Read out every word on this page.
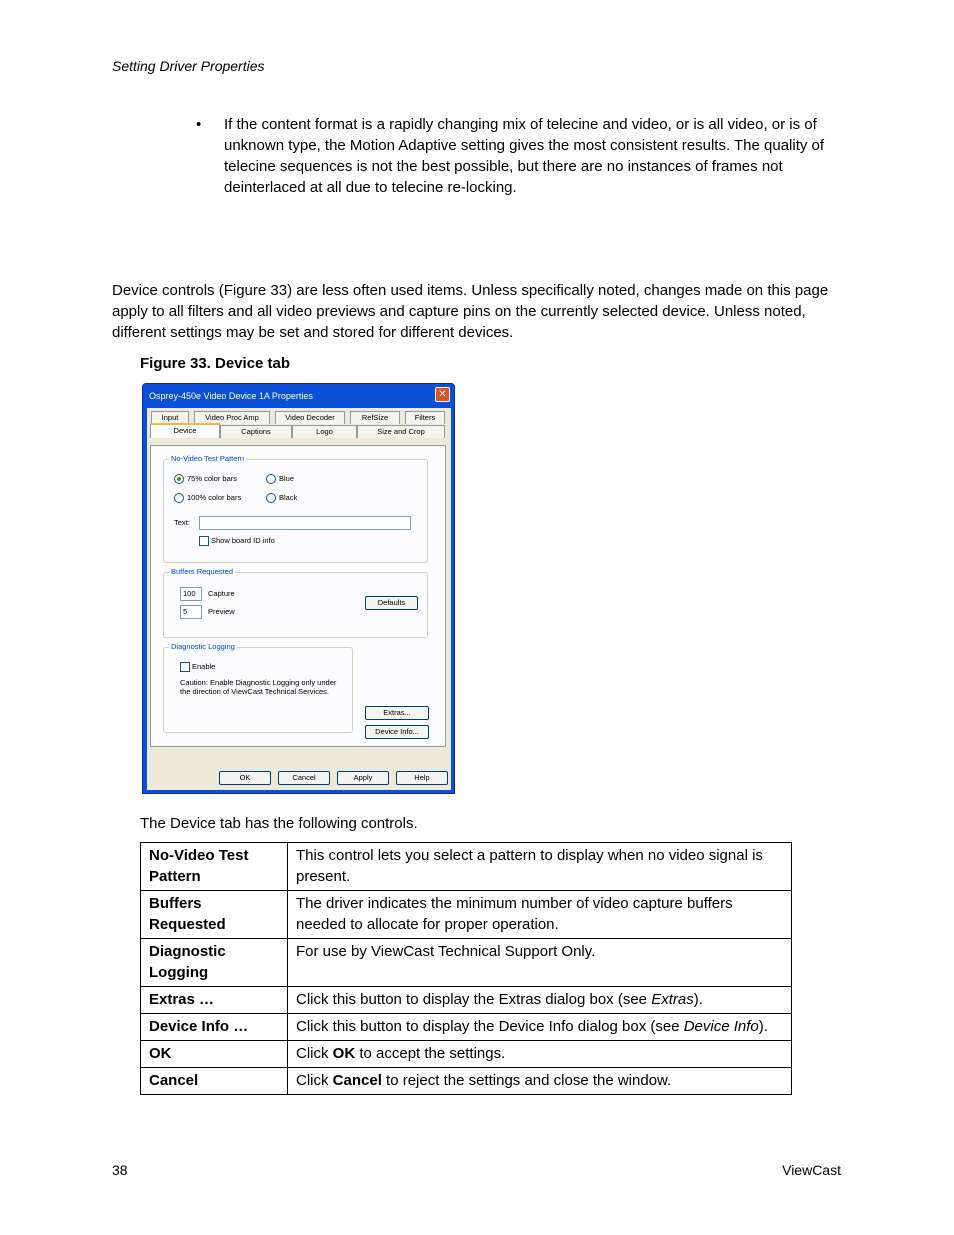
Setting Driver Properties
• If the content format is a rapidly changing mix of telecine and video, or is all video, or is of unknown type, the Motion Adaptive setting gives the most consistent results. The quality of telecine sequences is not the best possible, but there are no instances of frames not deinterlaced at all due to telecine re-locking.
Device controls (Figure 33) are less often used items. Unless specifically noted, changes made on this page apply to all filters and all video previews and capture pins on the currently selected device. Unless noted, different settings may be set and stored for different devices.
Figure 33. Device tab
Osprey-450e Video Device 1A Properties	✕
Input	Video Proc Amp	Video Decoder	RefSize	Filters
Device	Captions	Logo	Size and Crop
No-Video Test Pattern
75% color bars	Blue
100% color bars	Black
Text:
Show board ID info
Buffers Requested
100	Capture
5	Preview
Defaults
Diagnostic Logging
Enable
Caution: Enable Diagnostic Logging only under the direction of ViewCast Technical Services.
Extras...
Device Info...
OK	Cancel	Apply	Help
The Device tab has the following controls.
No-Video Test Pattern	This control lets you select a pattern to display when no video signal is present.
Buffers Requested	The driver indicates the minimum number of video capture buffers needed to allocate for proper operation.
Diagnostic Logging	For use by ViewCast Technical Support Only.
Extras …	Click this button to display the Extras dialog box (see Extras).
Device Info …	Click this button to display the Device Info dialog box (see Device Info).
OK	Click OK to accept the settings.
Cancel	Click Cancel to reject the settings and close the window.
38	ViewCast
